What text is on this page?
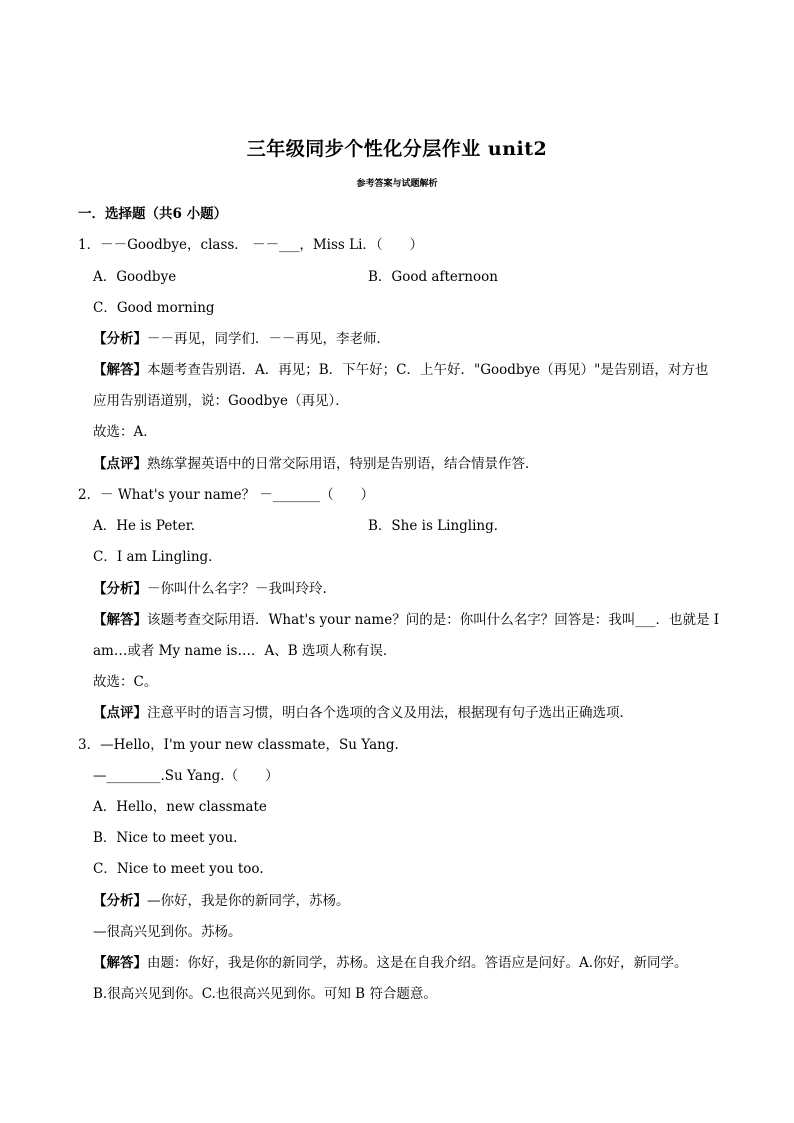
三年级同步个性化分层作业 unit2
参考答案与试题解析
一．选择题（共6 小题）
1．－－Goodbye，class． －－___，Miss Li．（　　）
A．Goodbye	B．Good afternoon
C．Good morning
【分析】－－再见，同学们．－－再见，李老师．
【解答】本题考查告别语．A．再见；B．下午好；C．上午好．"Goodbye（再见）"是告别语，对方也
应用告别语道别，说：Goodbye（再见）．
故选：A．
【点评】熟练掌握英语中的日常交际用语，特别是告别语，结合情景作答．
2．－ What's your name？ －_______（　　）
A．He is Peter.	B．She is Lingling．
C．I am Lingling．
【分析】－你叫什么名字？－我叫玲玲.
【解答】该题考查交际用语．What's your name？问的是：你叫什么名字？回答是：我叫___．也就是 I
am…或者 My name is…．A、B 选项人称有误．
故选：C。
【点评】注意平时的语言习惯，明白各个选项的含义及用法，根据现有句子选出正确选项．
3．—Hello，I'm your new classmate，Su Yang.
—________.Su Yang.（　　）
A．Hello，new classmate
B．Nice to meet you.
C．Nice to meet you too.
【分析】—你好，我是你的新同学，苏杨。
—很高兴见到你。苏杨。
【解答】由题：你好，我是你的新同学，苏杨。这是在自我介绍。答语应是问好。A.你好，新同学。
B.很高兴见到你。C.也很高兴见到你。可知 B 符合题意。
